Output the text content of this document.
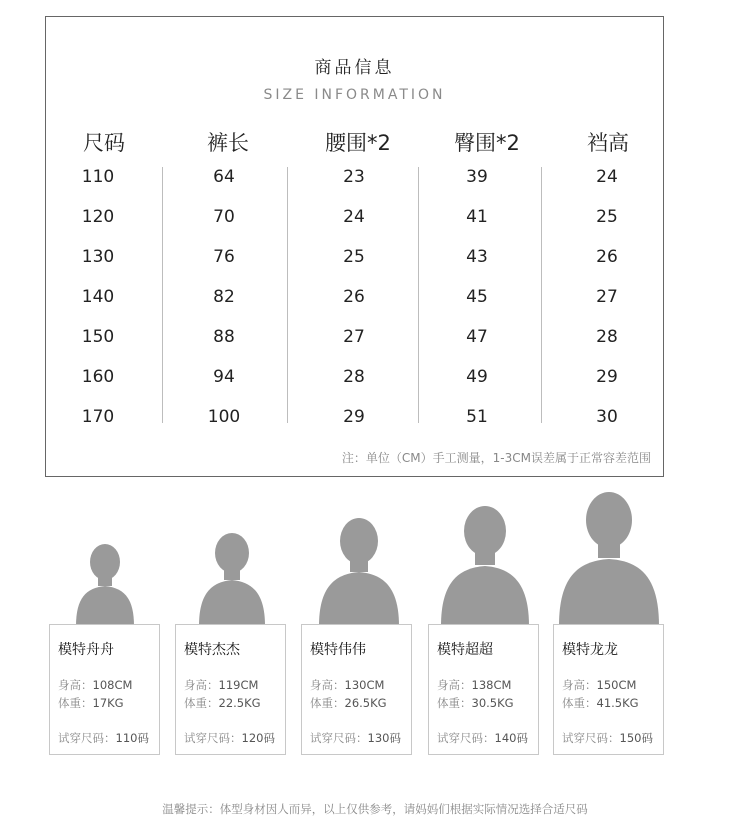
商品信息
SIZE INFORMATION
尺码	裤长	腰围*2	臀围*2	裆高
110	64	23	39	24
120	70	24	41	25
130	76	25	43	26
140	82	26	45	27
150	88	27	47	28
160	94	28	49	29
170	100	29	51	30
注：单位（CM）手工测量，1-3CM误差属于正常容差范围
模特舟舟
身高：108CM
体重：17KG
试穿尺码：110码
模特杰杰
身高：119CM
体重：22.5KG
试穿尺码：120码
模特伟伟
身高：130CM
体重：26.5KG
试穿尺码：130码
模特超超
身高：138CM
体重：30.5KG
试穿尺码：140码
模特龙龙
身高：150CM
体重：41.5KG
试穿尺码：150码
温馨提示：体型身材因人而异，以上仅供参考，请妈妈们根据实际情况选择合适尺码
